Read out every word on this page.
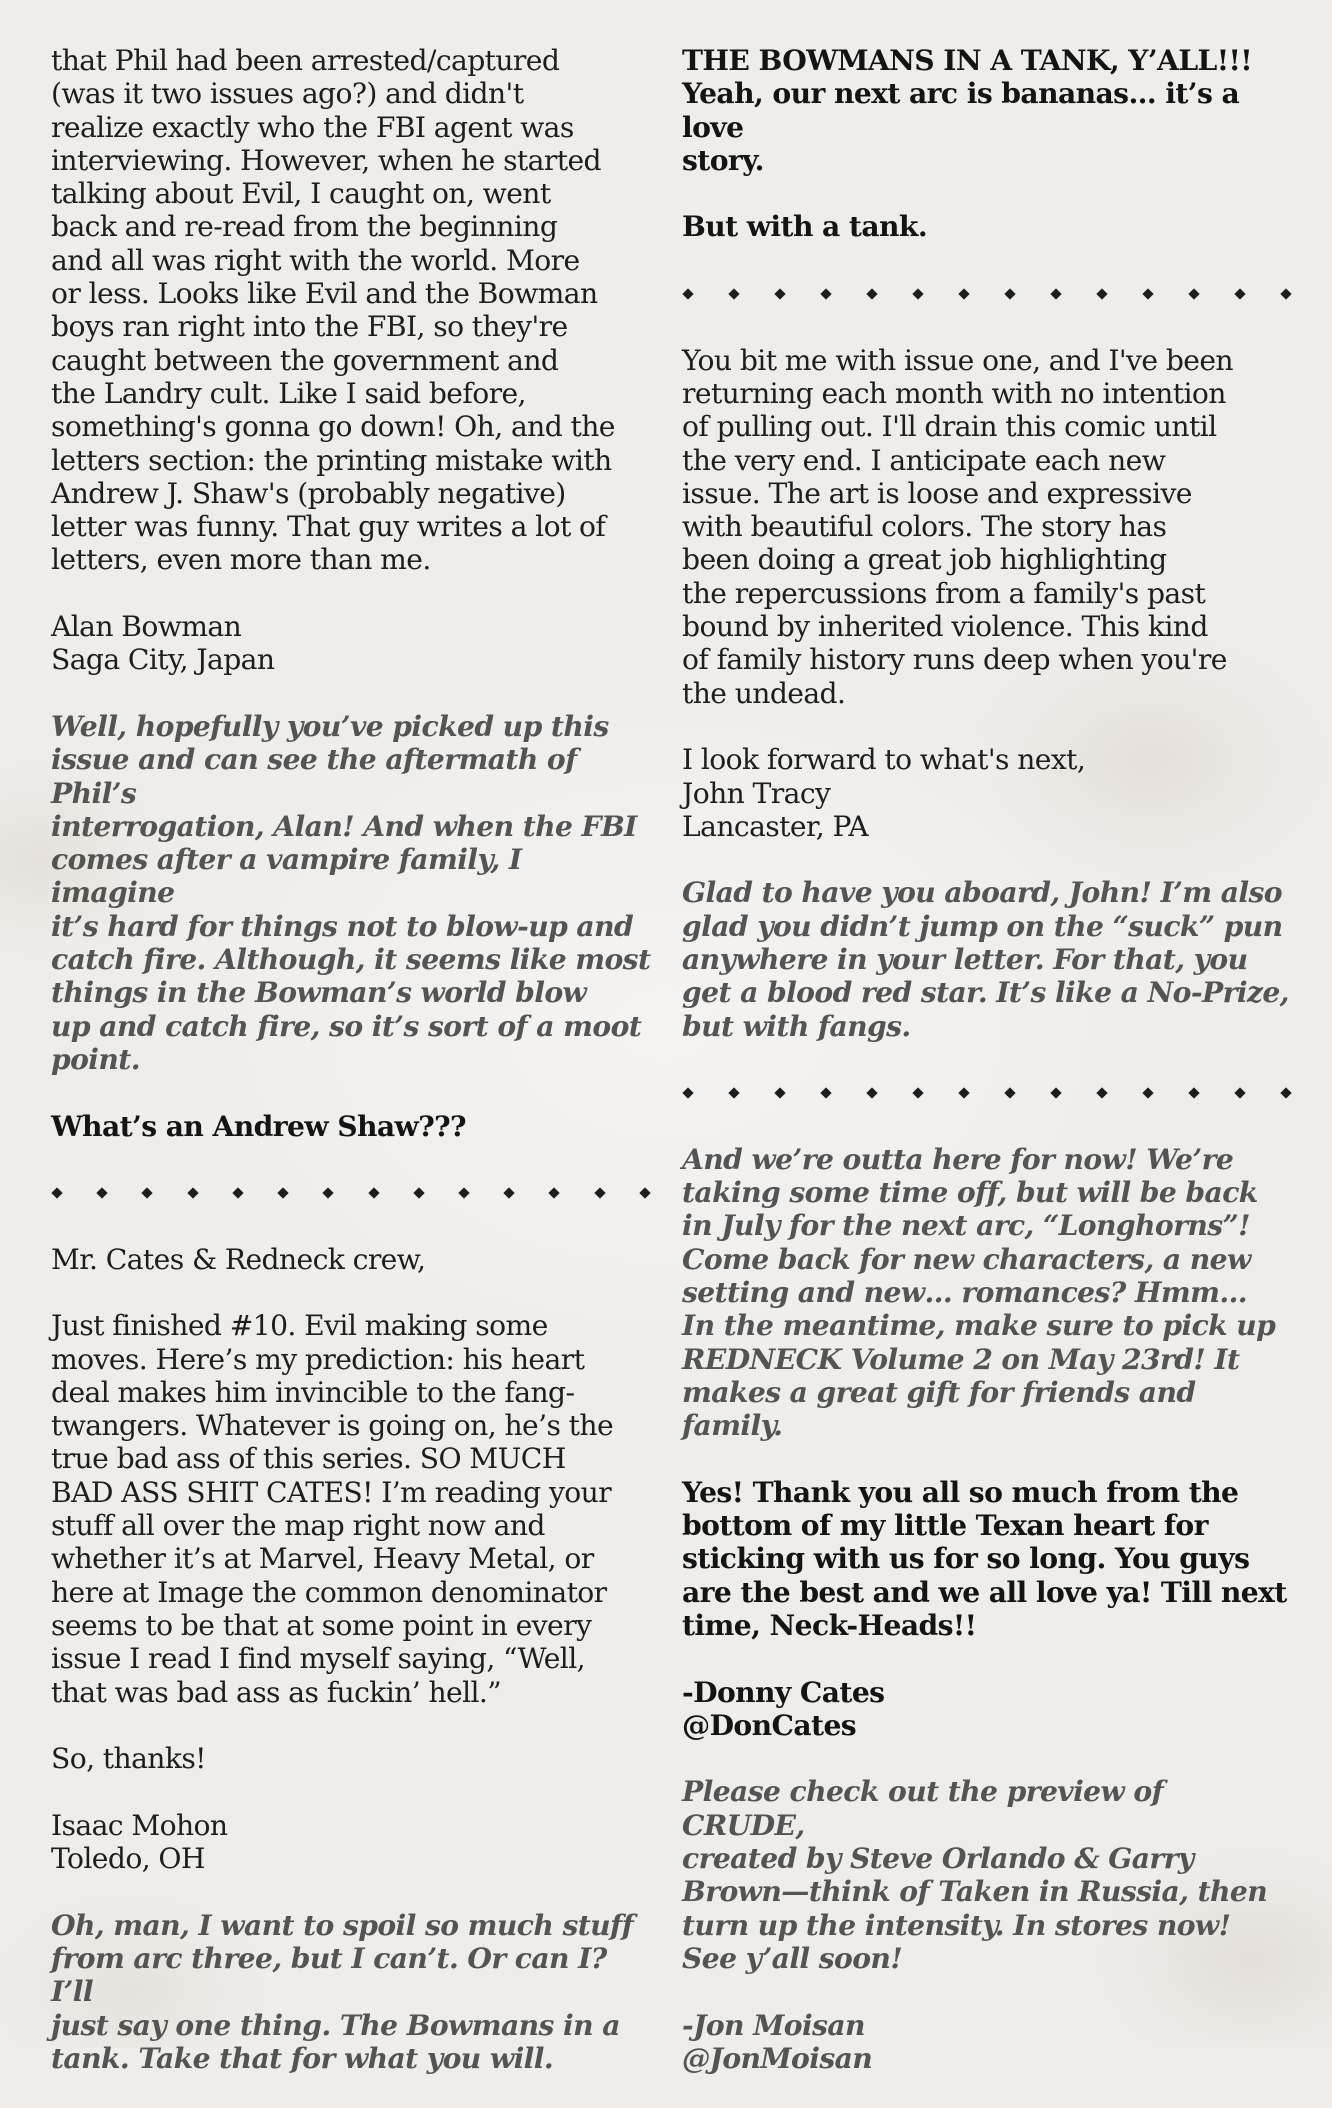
that Phil had been arrested/captured
(was it two issues ago?) and didn't
realize exactly who the FBI agent was
interviewing. However, when he started
talking about Evil, I caught on, went
back and re-read from the beginning
and all was right with the world. More
or less. Looks like Evil and the Bowman
boys ran right into the FBI, so they're
caught between the government and
the Landry cult. Like I said before,
something's gonna go down! Oh, and the
letters section: the printing mistake with
Andrew J. Shaw's (probably negative)
letter was funny. That guy writes a lot of
letters, even more than me.
Alan Bowman
Saga City, Japan
Well, hopefully you’ve picked up this
issue and can see the aftermath of Phil’s
interrogation, Alan! And when the FBI
comes after a vampire family, I imagine
it’s hard for things not to blow-up and
catch fire. Although, it seems like most
things in the Bowman’s world blow
up and catch fire, so it’s sort of a moot
point.
What’s an Andrew Shaw???
Mr. Cates & Redneck crew,
Just finished #10. Evil making some
moves. Here’s my prediction: his heart
deal makes him invincible to the fang-
twangers. Whatever is going on, he’s the
true bad ass of this series. SO MUCH
BAD ASS SHIT CATES! I’m reading your
stuff all over the map right now and
whether it’s at Marvel, Heavy Metal, or
here at Image the common denominator
seems to be that at some point in every
issue I read I find myself saying, “Well,
that was bad ass as fuckin’ hell.”
So, thanks!
Isaac Mohon
Toledo, OH
Oh, man, I want to spoil so much stuff
from arc three, but I can’t. Or can I? I’ll
just say one thing. The Bowmans in a
tank. Take that for what you will.
THE BOWMANS IN A TANK, Y’ALL!!!
Yeah, our next arc is bananas… it’s a love
story.
But with a tank.
You bit me with issue one, and I've been
returning each month with no intention
of pulling out. I'll drain this comic until
the very end. I anticipate each new
issue. The art is loose and expressive
with beautiful colors. The story has
been doing a great job highlighting
the repercussions from a family's past
bound by inherited violence. This kind
of family history runs deep when you're
the undead.
I look forward to what's next,
John Tracy
Lancaster, PA
Glad to have you aboard, John! I’m also
glad you didn’t jump on the “suck” pun
anywhere in your letter. For that, you
get a blood red star. It’s like a No-Prize,
but with fangs.
And we’re outta here for now! We’re
taking some time off, but will be back
in July for the next arc, “Longhorns”!
Come back for new characters, a new
setting and new… romances? Hmm…
In the meantime, make sure to pick up
REDNECK Volume 2 on May 23rd! It
makes a great gift for friends and family.
Yes! Thank you all so much from the
bottom of my little Texan heart for
sticking with us for so long. You guys
are the best and we all love ya! Till next
time, Neck-Heads!!
-Donny Cates
@DonCates
Please check out the preview of CRUDE,
created by Steve Orlando & Garry
Brown—think of Taken in Russia, then
turn up the intensity. In stores now!
See y’all soon!
-Jon Moisan
@JonMoisan
